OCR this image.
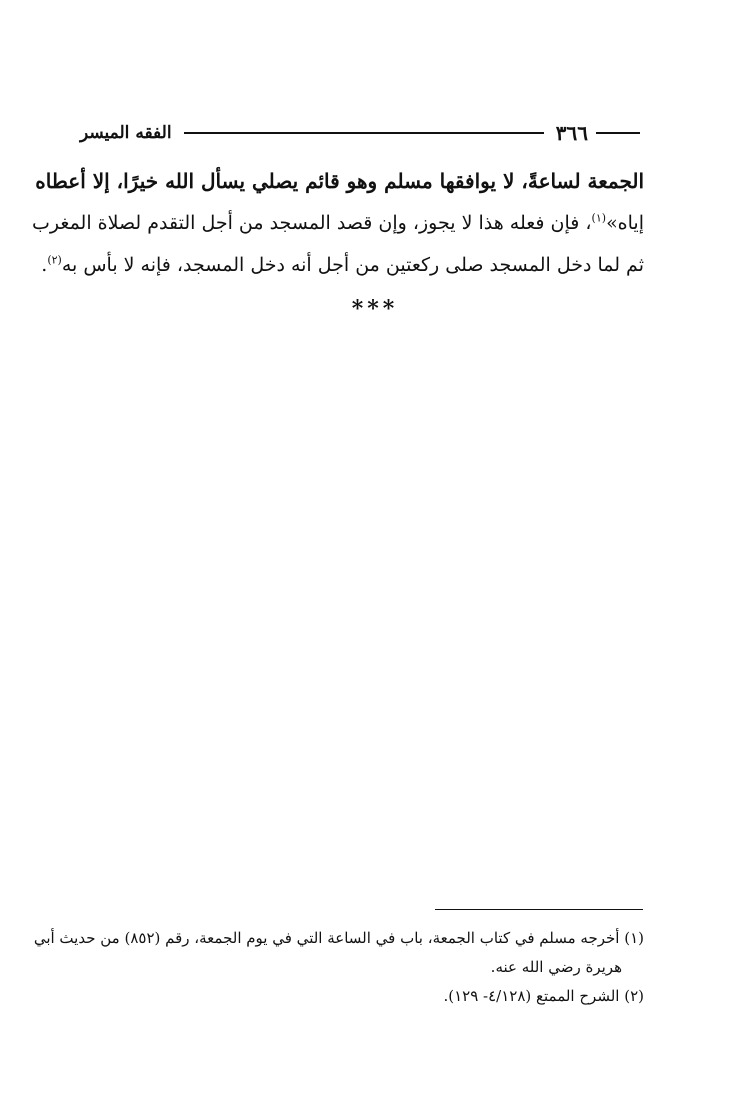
٣٦٦
الفقه الميسر
الجمعة لساعةً، لا يوافقها مسلم وهو قائم يصلي يسأل الله خيرًا، إلا أعطاه
إياه»$^{(١)}$، فإن فعله هذا لا يجوز، وإن قصد المسجد من أجل التقدم لصلاة المغرب
ثم لما دخل المسجد صلى ركعتين من أجل أنه دخل المسجد، فإنه لا بأس به$^{(٢)}$.
***
(١) أخرجه مسلم في كتاب الجمعة، باب في الساعة التي في يوم الجمعة، رقم (٨٥٢) من حديث أبي
هريرة رضي الله عنه.
(٢) الشرح الممتع (٤/١٢٨- ١٢٩).
